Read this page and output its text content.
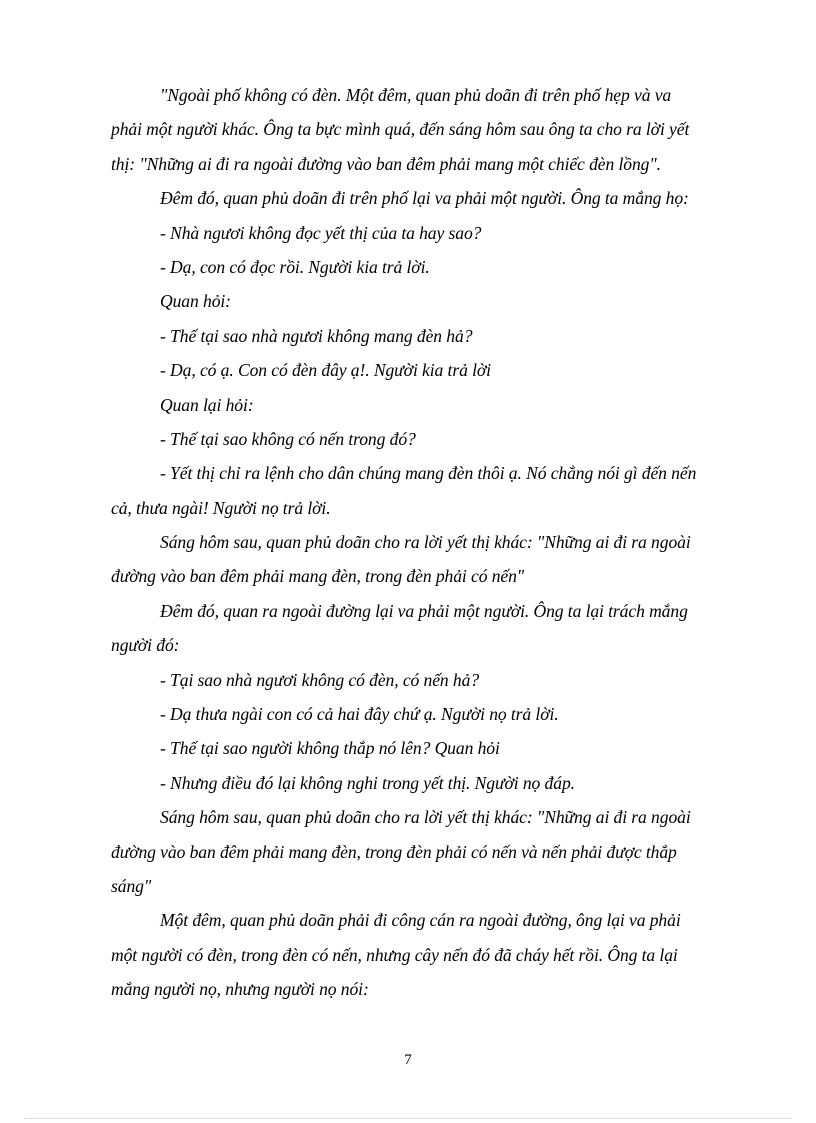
"Ngoài phố không có đèn. Một đêm, quan phủ doãn đi trên phố hẹp và va
phải một người khác. Ông ta bực mình quá, đến sáng hôm sau ông ta cho ra lời yết
thị: "Những ai đi ra ngoài đường vào ban đêm phải mang một chiếc đèn lồng".
Đêm đó, quan phủ doãn đi trên phố lại va phải một người. Ông ta mắng họ:
- Nhà ngươi không đọc yết thị của ta hay sao?
- Dạ, con có đọc rồi. Người kia trả lời.
Quan hỏi:
- Thế tại sao nhà ngươi không mang đèn hả?
- Dạ, có ạ. Con có đèn đây ạ!. Người kia trả lời
Quan lại hỏi:
- Thế tại sao không có nến trong đó?
- Yết thị chỉ ra lệnh cho dân chúng mang đèn thôi ạ. Nó chẳng nói gì đến nến
cả, thưa ngài! Người nọ trả lời.
Sáng hôm sau, quan phủ doãn cho ra lời yết thị khác: "Những ai đi ra ngoài
đường vào ban đêm phải mang đèn, trong đèn phải có nến"
Đêm đó, quan ra ngoài đường lại va phải một người. Ông ta lại trách mắng
người đó:
- Tại sao nhà ngươi không có đèn, có nến hả?
- Dạ thưa ngài con có cả hai đây chứ ạ. Người nọ trả lời.
- Thế tại sao người không thắp nó lên? Quan hỏi
- Nhưng điều đó lại không nghi trong yết thị. Người nọ đáp.
Sáng hôm sau, quan phủ doãn cho ra lời yết thị khác: "Những ai đi ra ngoài
đường vào ban đêm phải mang đèn, trong đèn phải có nến và nến phải được thắp
sáng"
Một đêm, quan phủ doãn phải đi công cán ra ngoài đường, ông lại va phải
một người có đèn, trong đèn có nến, nhưng cây nến đó đã cháy hết rồi. Ông ta lại
mắng người nọ, nhưng người nọ nói:
7
